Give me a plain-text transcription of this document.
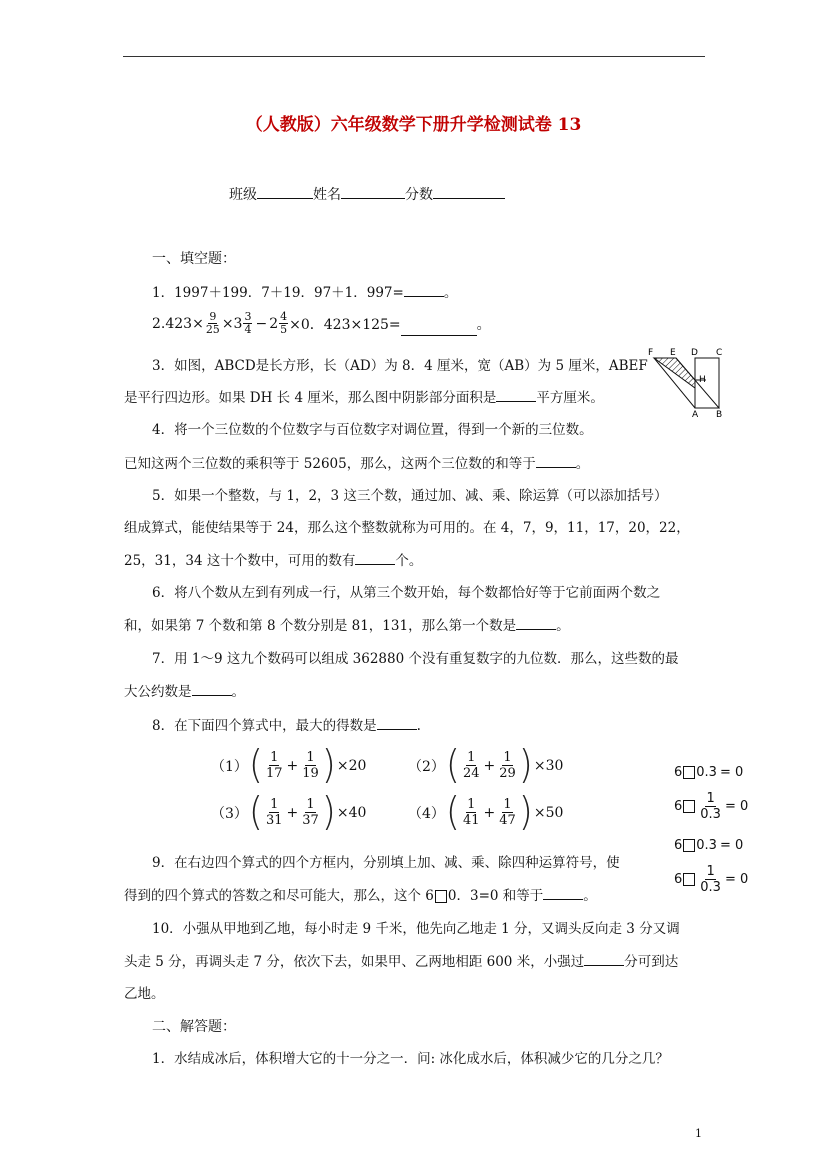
（人教版）六年级数学下册升学检测试卷 13
班级	姓名	分数
一、填空题：
1．1997＋199．7＋19．97＋1．997=	。
$2.423\times \frac{9}{25} \times 3 \frac{3}{4} - 2 \frac{4}{5} \times 0$．423×125=	。
3．如图，ABCD是长方形，长（AD）为 8．4 厘米，宽（AB）为 5 厘米，ABEF
是平行四边形。如果 DH 长 4 厘米，那么图中阴影部分面积是	平方厘米。
F E D C
H
A B
4．将一个三位数的个位数字与百位数字对调位置，得到一个新的三位数。
已知这两个三位数的乘积等于 52605，那么，这两个三位数的和等于	。
5．如果一个整数，与 1，2，3 这三个数，通过加、减、乘、除运算（可以添加括号）
组成算式，能使结果等于 24，那么这个整数就称为可用的。在 4，7，9，11，17，20，22，
25，31，34 这十个数中，可用的数有	个。
6．将八个数从左到有列成一行，从第三个数开始，每个数都恰好等于它前面两个数之
和，如果第 7 个数和第 8 个数分别是 81，131，那么第一个数是	。
7．用 1～9 这九个数码可以组成 362880 个没有重复数字的九位数．那么，这些数的最
大公约数是	。
8．在下面四个算式中，最大的得数是	.
（1） ( $\frac{1}{17} + \frac{1}{19}$ ) × 20	（2） ( $\frac{1}{24} + \frac{1}{29}$ ) × 30
（3） ( $\frac{1}{31} + \frac{1}{37}$ ) × 40	（4） ( $\frac{1}{41} + \frac{1}{47}$ ) × 50
6 0.3 = 0
$6 \frac{1}{0.3} = 0$
6 0.3 = 0
$6 \frac{1}{0.3} = 0$
9．在右边四个算式的四个方框内，分别填上加、减、乘、除四种运算符号，使
得到的四个算式的答数之和尽可能大，那么，这个 6 0．3=0 和等于	。
10．小强从甲地到乙地，每小时走 9 千米，他先向乙地走 1 分，又调头反向走 3 分又调
头走 5 分，再调头走 7 分，依次下去，如果甲、乙两地相距 600 米，小强过	分可到达
乙地。
二、解答题：
1．水结成冰后，体积增大它的十一分之一．问: 冰化成水后，体积减少它的几分之几？
1
